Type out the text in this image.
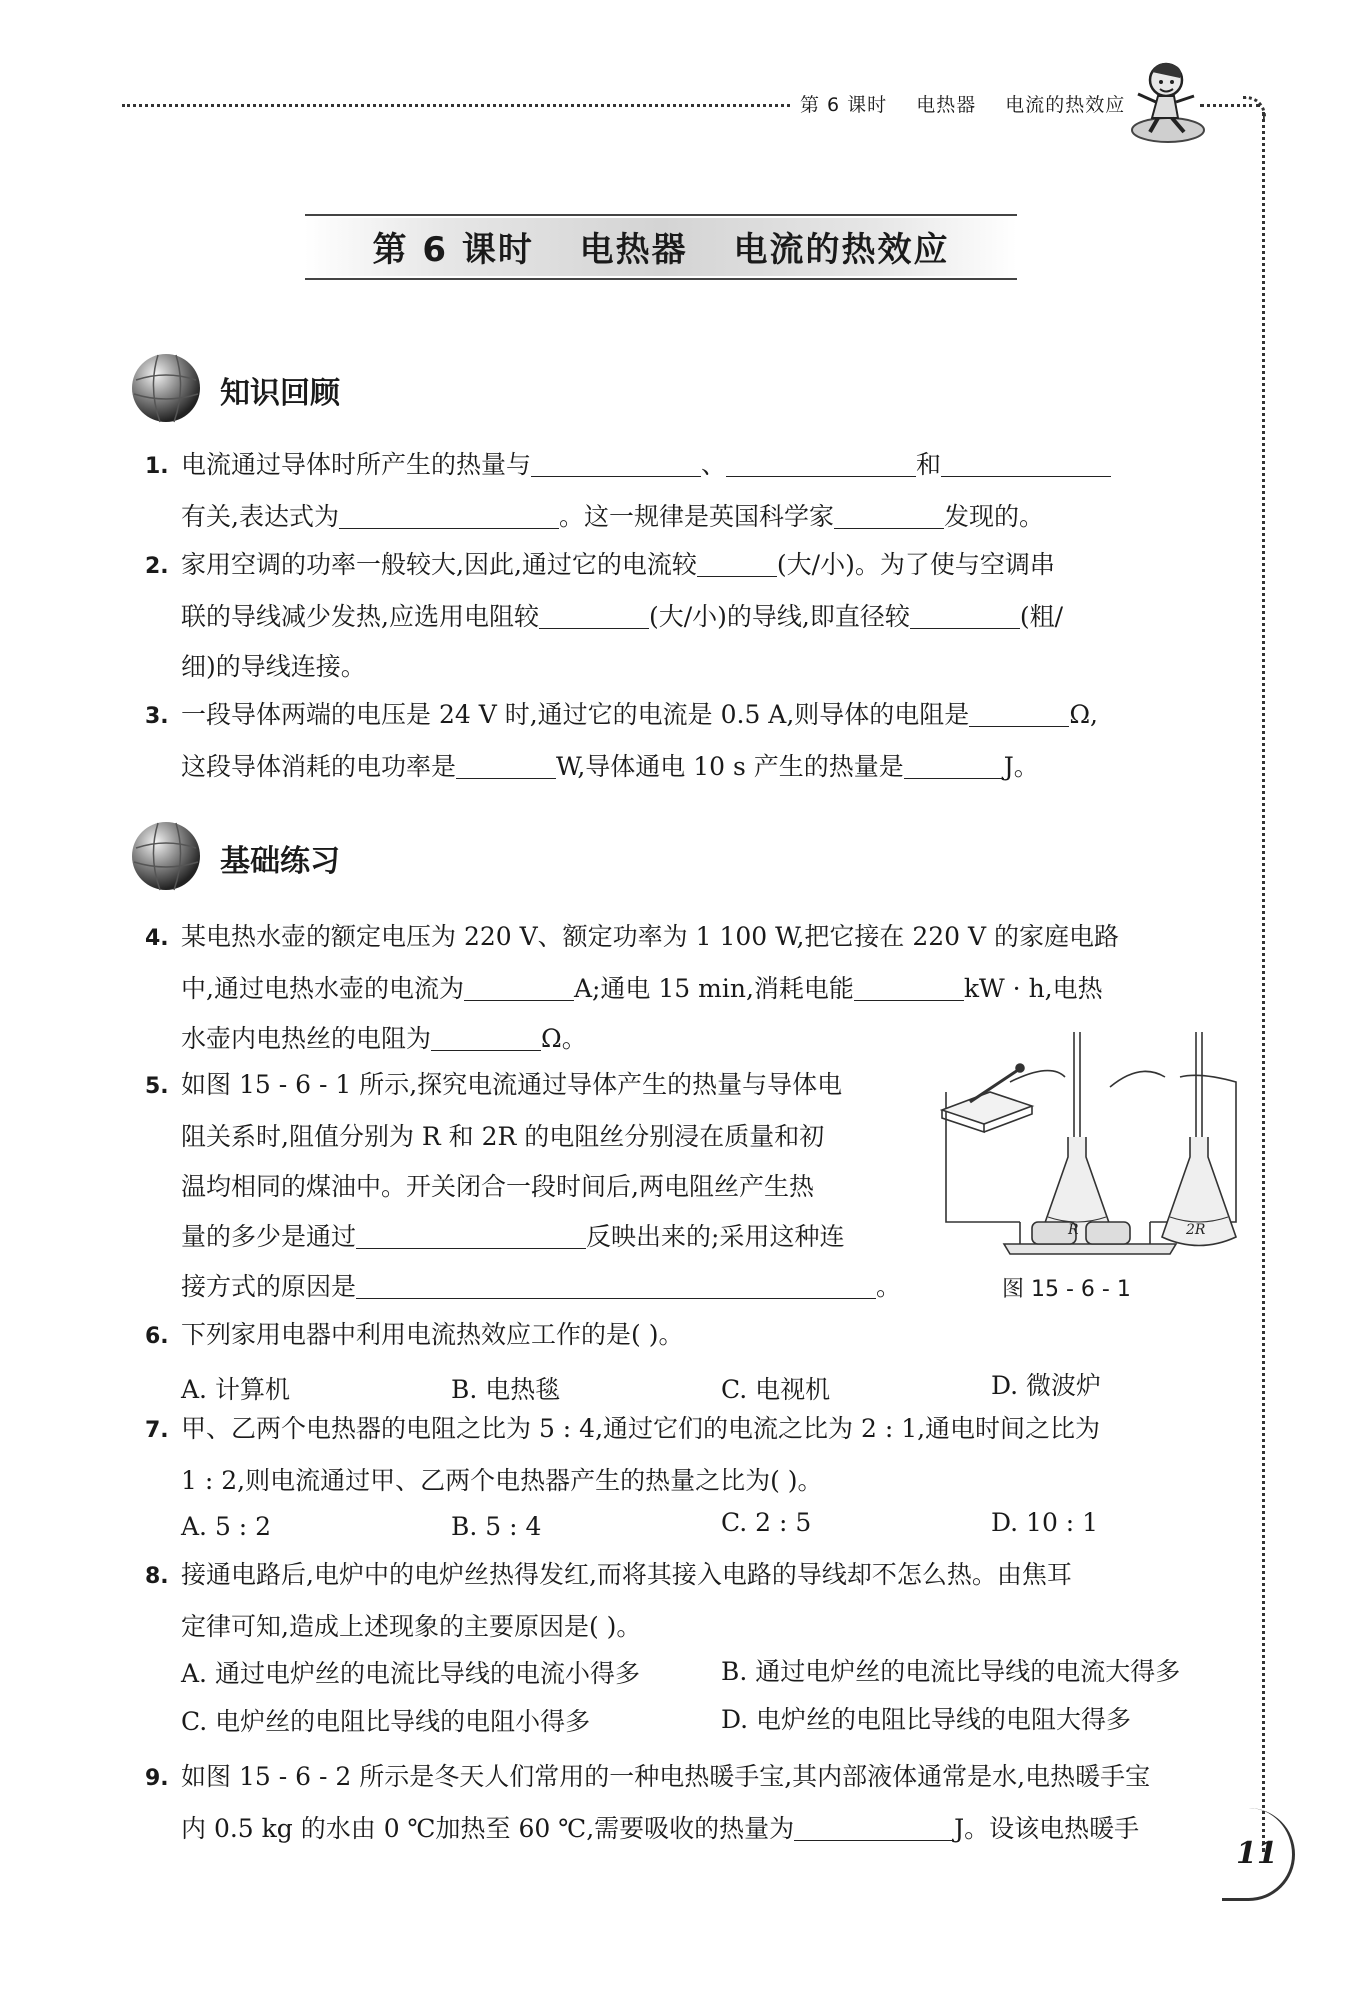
第 6 课时 电热器 电流的热效应
第 6 课时 电热器 电流的热效应
知识回顾
1. 电流通过导体时所产生的热量与	、	和
有关,表达式为	。这一规律是英国科学家	发现的。
2. 家用空调的功率一般较大,因此,通过它的电流较	(大/小)。为了使与空调串
联的导线减少发热,应选用电阻较	(大/小)的导线,即直径较	(粗/
细)的导线连接。
3. 一段导体两端的电压是 24 V 时,通过它的电流是 0.5 A,则导体的电阻是	Ω,
这段导体消耗的电功率是	W,导体通电 10 s 产生的热量是	J。
基础练习
4. 某电热水壶的额定电压为 220 V、额定功率为 1 100 W,把它接在 220 V 的家庭电路
中,通过电热水壶的电流为	A;通电 15 min,消耗电能	kW · h,电热
水壶内电热丝的电阻为	Ω。
5. 如图 15 - 6 - 1 所示,探究电流通过导体产生的热量与导体电
阻关系时,阻值分别为 R 和 2R 的电阻丝分别浸在质量和初
温均相同的煤油中。开关闭合一段时间后,两电阻丝产生热
量的多少是通过	反映出来的;采用这种连
接方式的原因是	。
R	2R
图 15 - 6 - 1
6. 下列家用电器中利用电流热效应工作的是( )。
A. 计算机	B. 电热毯	C. 电视机	D. 微波炉
7. 甲、乙两个电热器的电阻之比为 5 : 4,通过它们的电流之比为 2 : 1,通电时间之比为
1 : 2,则电流通过甲、乙两个电热器产生的热量之比为( )。
A. 5 : 2	B. 5 : 4	C. 2 : 5	D. 10 : 1
8. 接通电路后,电炉中的电炉丝热得发红,而将其接入电路的导线却不怎么热。由焦耳
定律可知,造成上述现象的主要原因是( )。
A. 通过电炉丝的电流比导线的电流小得多	B. 通过电炉丝的电流比导线的电流大得多
C. 电炉丝的电阻比导线的电阻小得多	D. 电炉丝的电阻比导线的电阻大得多
9. 如图 15 - 6 - 2 所示是冬天人们常用的一种电热暖手宝,其内部液体通常是水,电热暖手宝
内 0.5 kg 的水由 0 ℃加热至 60 ℃,需要吸收的热量为	J。设该电热暖手
11
